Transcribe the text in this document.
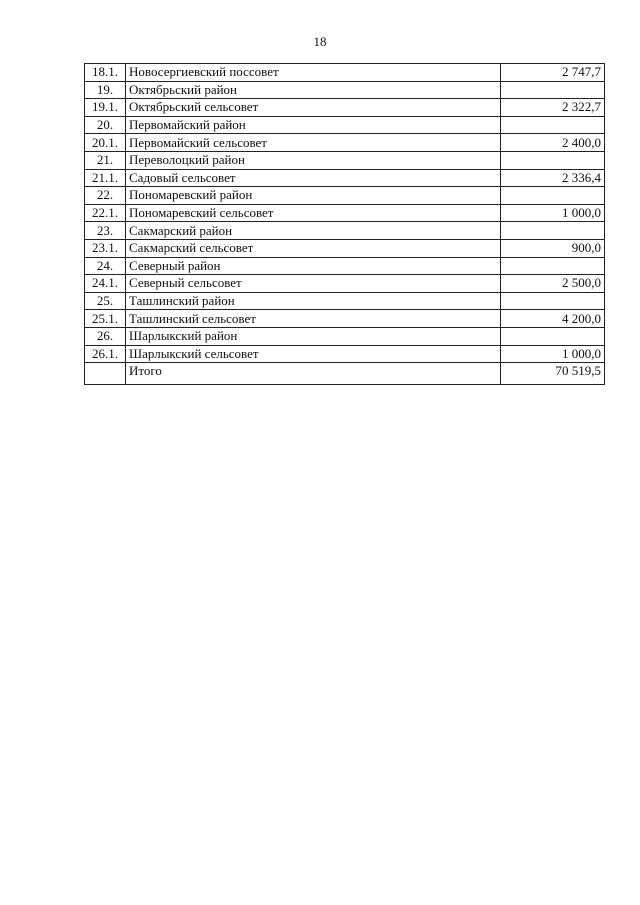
18
18.1.	Новосергиевский поссовет	2 747,7
19.	Октябрьский район	
19.1.	Октябрьский сельсовет	2 322,7
20.	Первомайский район	
20.1.	Первомайский сельсовет	2 400,0
21.	Переволоцкий район	
21.1.	Садовый сельсовет	2 336,4
22.	Пономаревский район	
22.1.	Пономаревский сельсовет	1 000,0
23.	Сакмарский район	
23.1.	Сакмарский сельсовет	900,0
24.	Северный район	
24.1.	Северный сельсовет	2 500,0
25.	Ташлинский район	
25.1.	Ташлинский сельсовет	4 200,0
26.	Шарлыкский район	
26.1.	Шарлыкский сельсовет	1 000,0
	Итого	70 519,5
